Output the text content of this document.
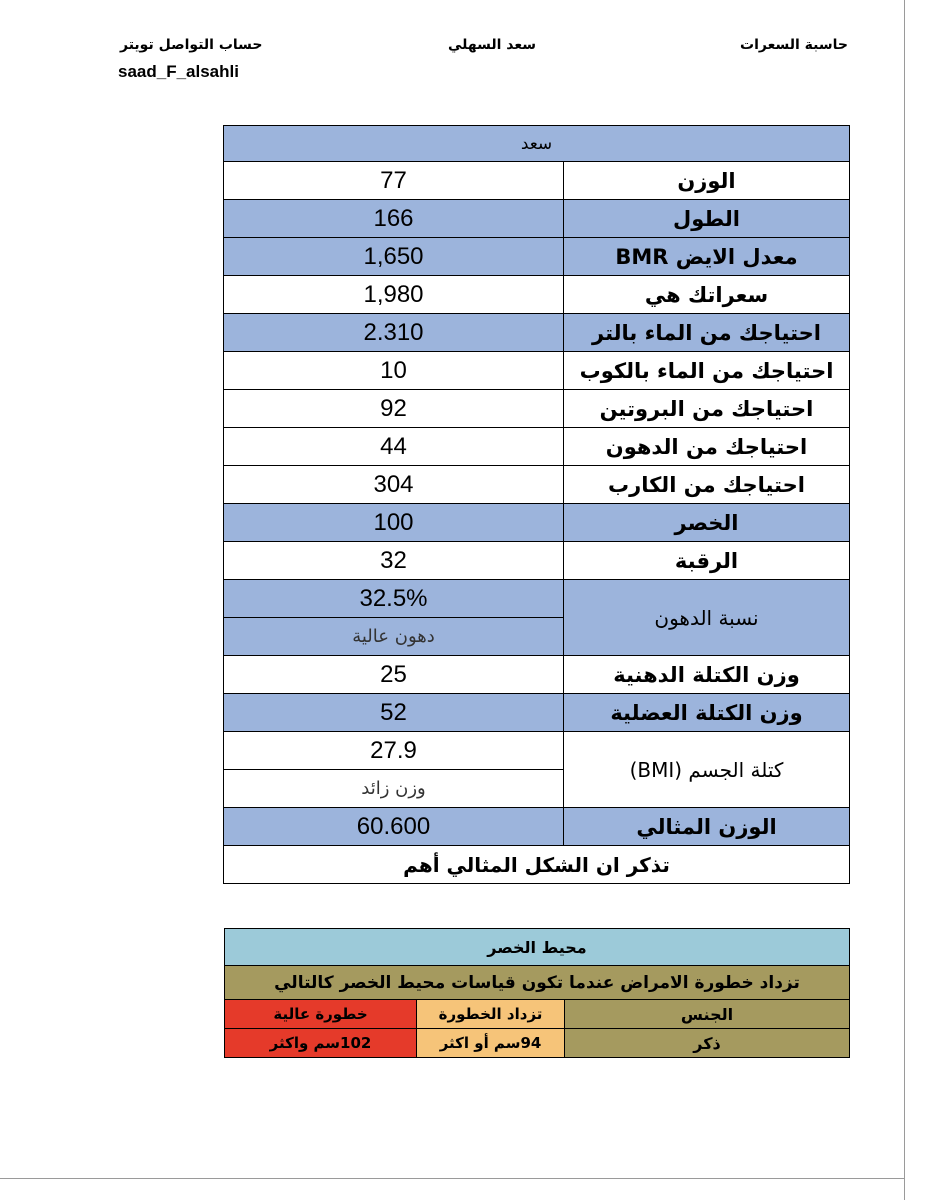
حاسبة السعرات
سعد السهلي
حساب التواصل تويتر
saad_F_alsahli
سعد	
الوزن	77
الطول	166
معدل الايض BMR	1,650
سعراتك هي	1,980
احتياجك من الماء بالتر	2.310
احتياجك من الماء بالكوب	10
احتياجك من البروتين	92
احتياجك من الدهون	44
احتياجك من الكارب	304
الخصر	100
الرقبة	32
نسبة الدهون	32.5%
	دهون عالية
وزن الكتلة الدهنية	25
وزن الكتلة العضلية	52
كتلة الجسم (BMI)	27.9
	وزن زائد
الوزن المثالي	60.600
تذكر ان الشكل المثالي أهم	
محيط الخصر		
تزداد خطورة الامراض عندما تكون قياسات محيط الخصر كالتالي		
الجنس	تزداد الخطورة	خطورة عالية
ذكر	94سم أو اكثر	102سم واكثر
